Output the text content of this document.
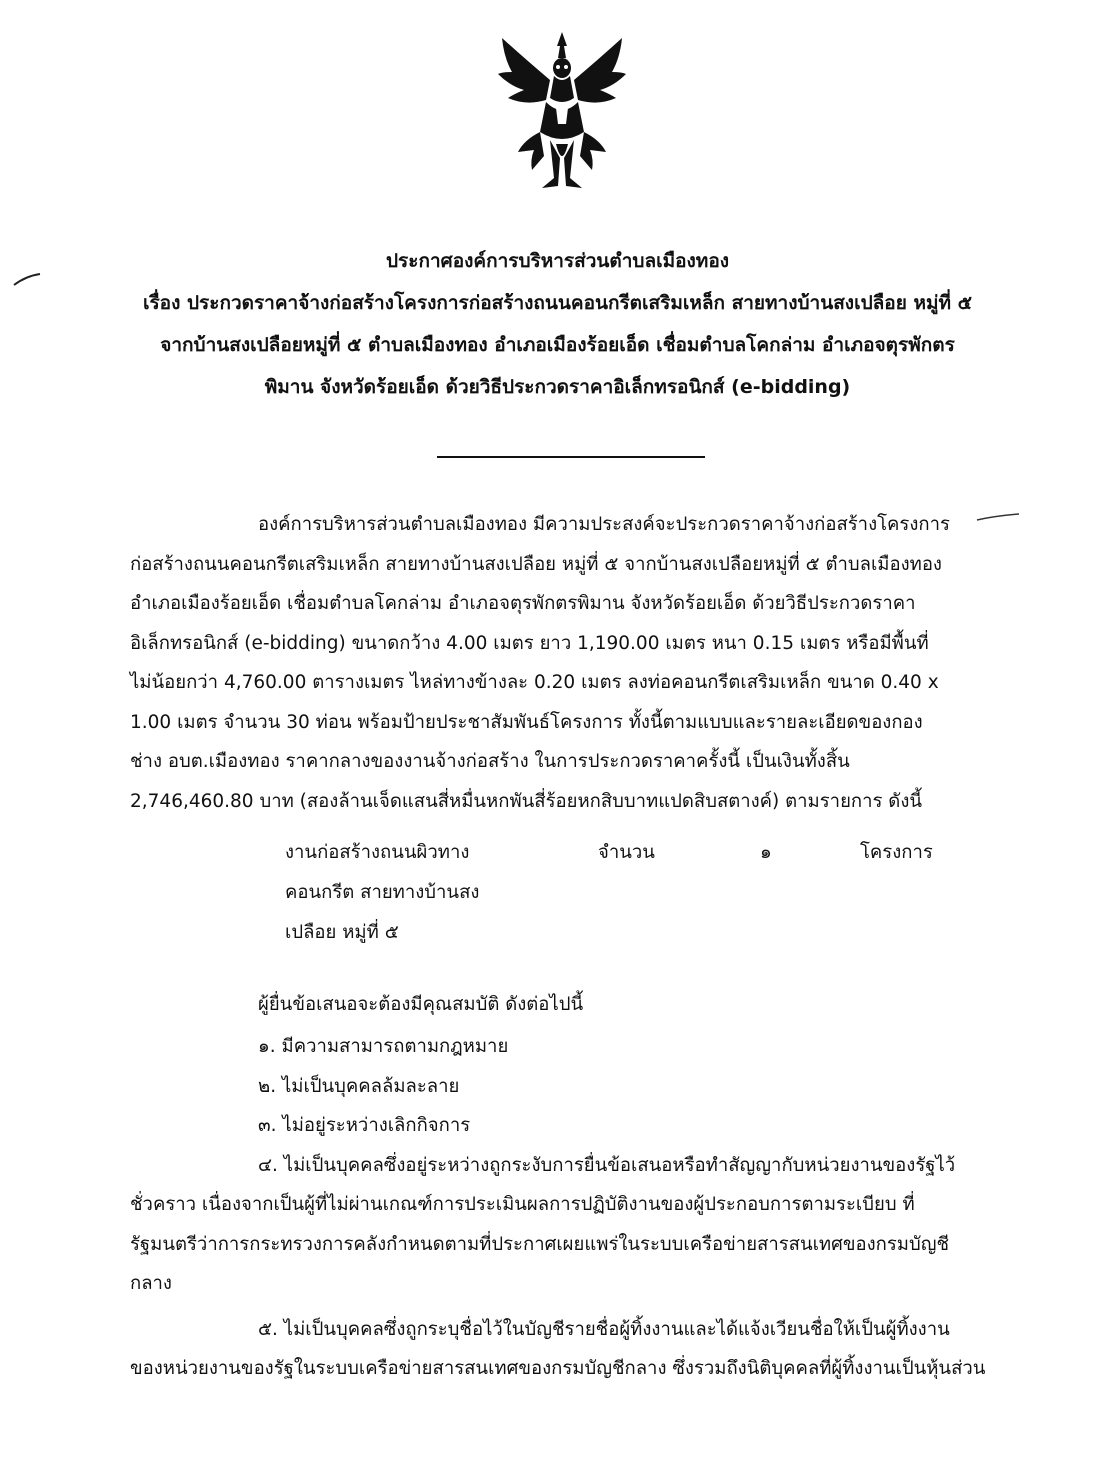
ประกาศองค์การบริหารส่วนตำบลเมืองทอง
เรื่อง ประกวดราคาจ้างก่อสร้างโครงการก่อสร้างถนนคอนกรีตเสริมเหล็ก สายทางบ้านสงเปลือย หมู่ที่ ๕
จากบ้านสงเปลือยหมู่ที่ ๕ ตำบลเมืองทอง อำเภอเมืองร้อยเอ็ด เชื่อมตำบลโคกล่าม อำเภอจตุรพักตร
พิมาน จังหวัดร้อยเอ็ด ด้วยวิธีประกวดราคาอิเล็กทรอนิกส์ (e-bidding)
องค์การบริหารส่วนตำบลเมืองทอง มีความประสงค์จะประกวดราคาจ้างก่อสร้างโครงการ
ก่อสร้างถนนคอนกรีตเสริมเหล็ก สายทางบ้านสงเปลือย หมู่ที่ ๕ จากบ้านสงเปลือยหมู่ที่ ๕ ตำบลเมืองทอง
อำเภอเมืองร้อยเอ็ด เชื่อมตำบลโคกล่าม อำเภอจตุรพักตรพิมาน จังหวัดร้อยเอ็ด ด้วยวิธีประกวดราคา
อิเล็กทรอนิกส์ (e-bidding) ขนาดกว้าง 4.00 เมตร ยาว 1,190.00 เมตร หนา 0.15 เมตร หรือมีพื้นที่
ไม่น้อยกว่า 4,760.00 ตารางเมตร ไหล่ทางข้างละ 0.20 เมตร ลงท่อคอนกรีตเสริมเหล็ก ขนาด 0.40 x
1.00 เมตร จำนวน 30 ท่อน พร้อมป้ายประชาสัมพันธ์โครงการ ทั้งนี้ตามแบบและรายละเอียดของกอง
ช่าง อบต.เมืองทอง ราคากลางของงานจ้างก่อสร้าง ในการประกวดราคาครั้งนี้ เป็นเงินทั้งสิ้น
2,746,460.80 บาท (สองล้านเจ็ดแสนสี่หมื่นหกพันสี่ร้อยหกสิบบาทแปดสิบสตางค์) ตามรายการ ดังนี้
งานก่อสร้างถนนผิวทาง
คอนกรีต สายทางบ้านสง
เปลือย หมู่ที่ ๕
จำนวน	๑	โครงการ
ผู้ยื่นข้อเสนอจะต้องมีคุณสมบัติ ดังต่อไปนี้
๑. มีความสามารถตามกฎหมาย
๒. ไม่เป็นบุคคลล้มละลาย
๓. ไม่อยู่ระหว่างเลิกกิจการ
๔. ไม่เป็นบุคคลซึ่งอยู่ระหว่างถูกระงับการยื่นข้อเสนอหรือทำสัญญากับหน่วยงานของรัฐไว้
ชั่วคราว เนื่องจากเป็นผู้ที่ไม่ผ่านเกณฑ์การประเมินผลการปฏิบัติงานของผู้ประกอบการตามระเบียบ ที่
รัฐมนตรีว่าการกระทรวงการคลังกำหนดตามที่ประกาศเผยแพร่ในระบบเครือข่ายสารสนเทศของกรมบัญชี
กลาง
๕. ไม่เป็นบุคคลซึ่งถูกระบุชื่อไว้ในบัญชีรายชื่อผู้ทิ้งงานและได้แจ้งเวียนชื่อให้เป็นผู้ทิ้งงาน
ของหน่วยงานของรัฐในระบบเครือข่ายสารสนเทศของกรมบัญชีกลาง ซึ่งรวมถึงนิติบุคคลที่ผู้ทิ้งงานเป็นหุ้นส่วน
